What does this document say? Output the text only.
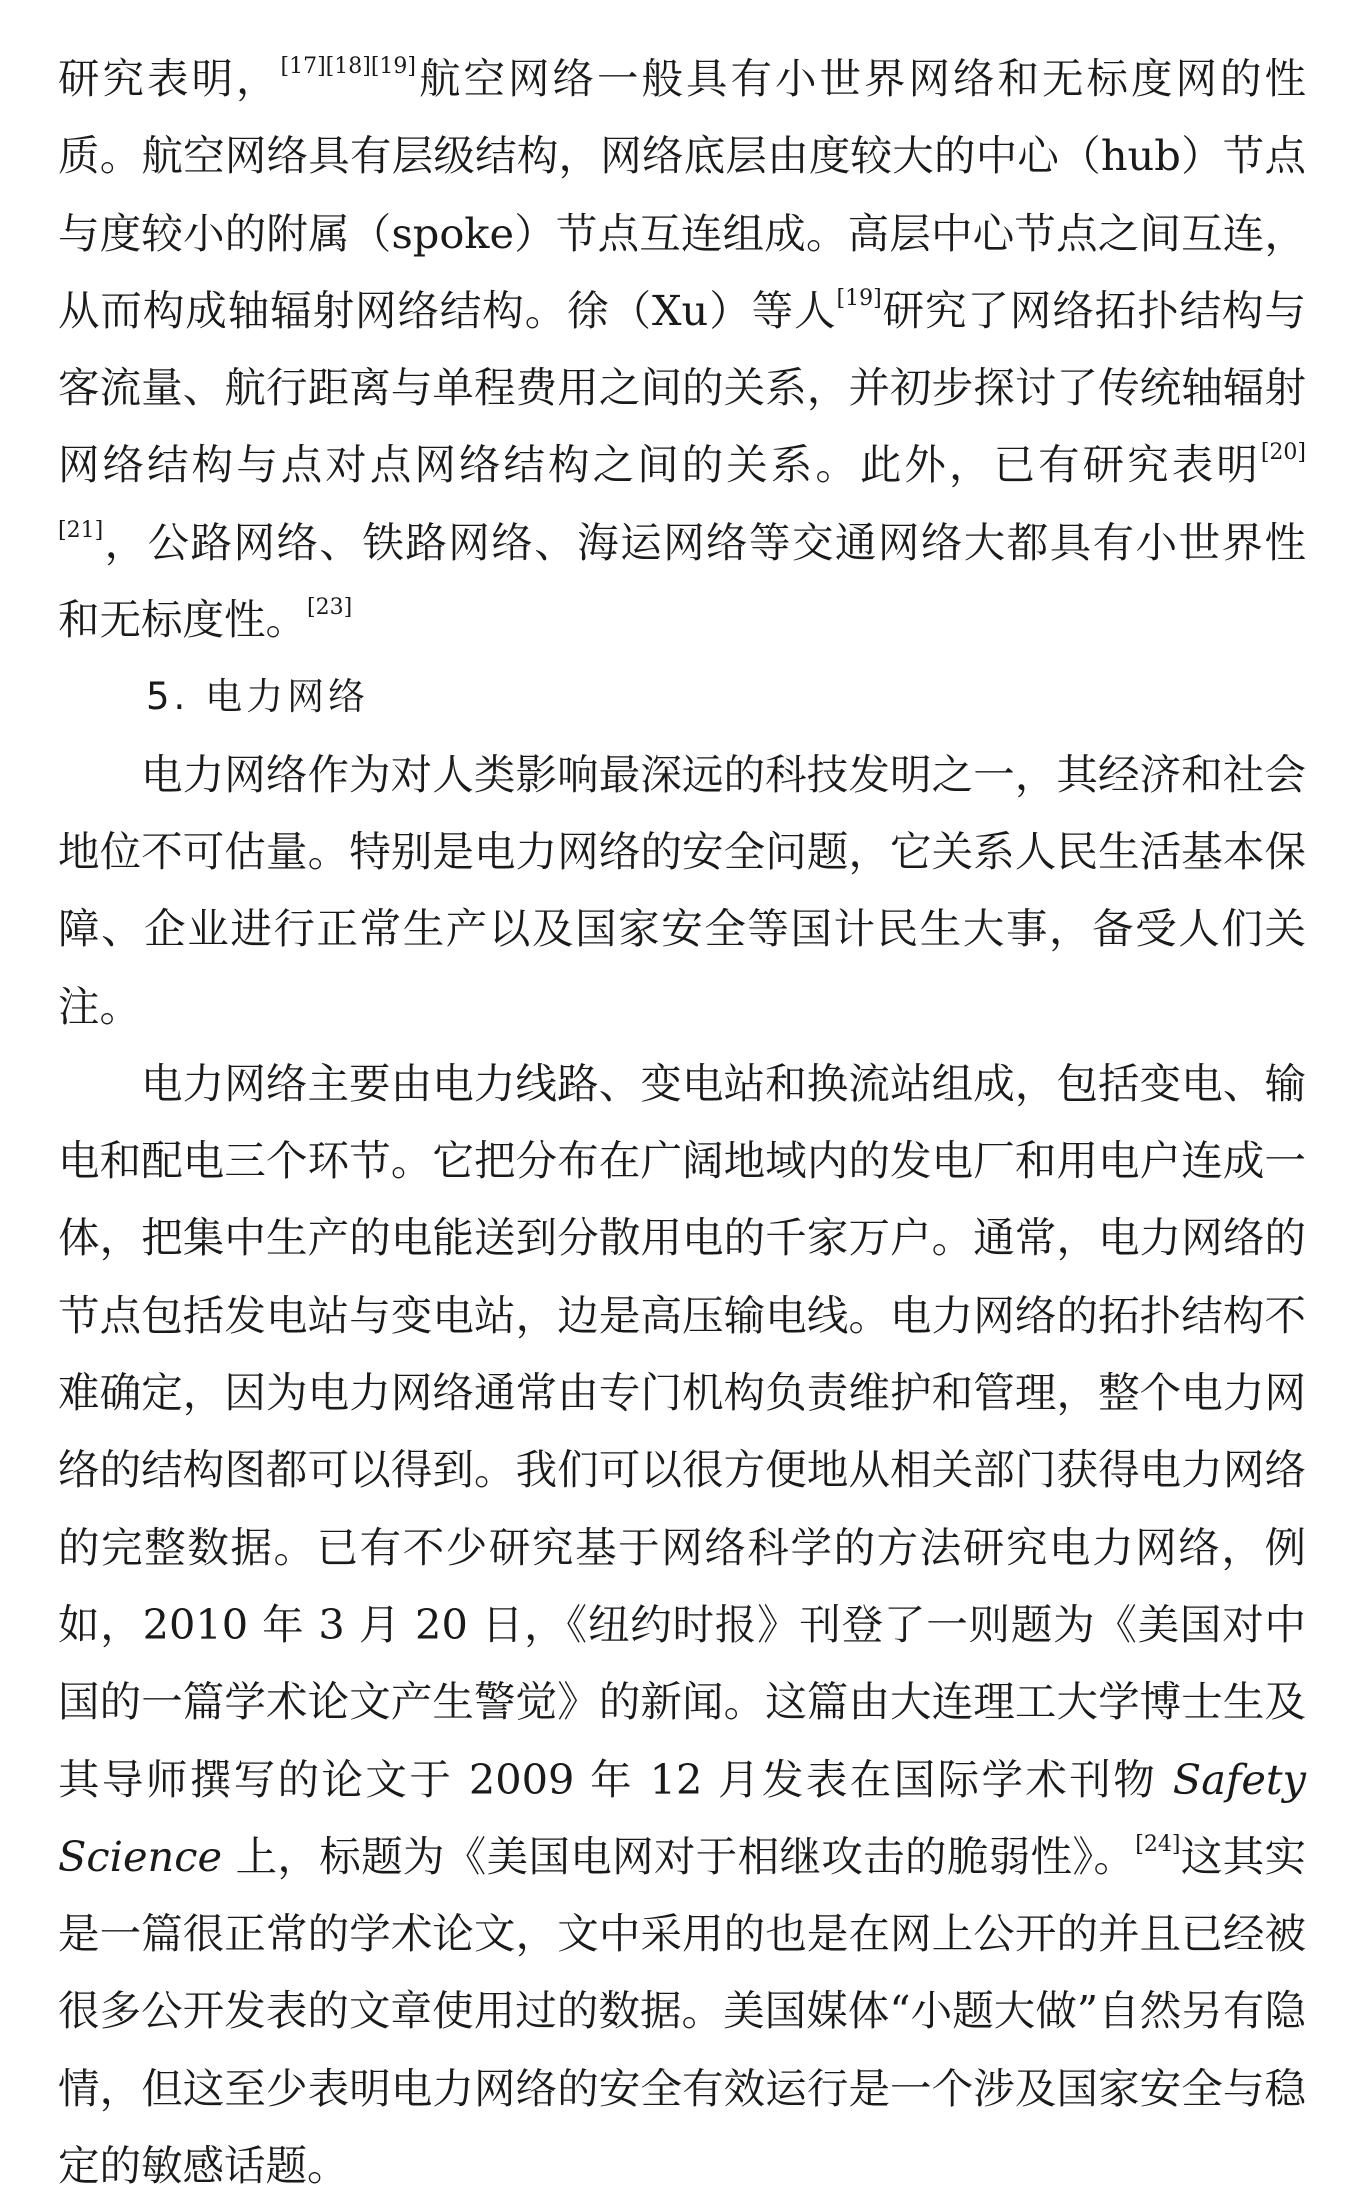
研究表明，[17][18][19]航空网络一般具有小世界网络和无标度网的性质。航空网络具有层级结构，网络底层由度较大的中心（hub）节点与度较小的附属（spoke）节点互连组成。高层中心节点之间互连，从而构成轴辐射网络结构。徐（Xu）等人[19]研究了网络拓扑结构与客流量、航行距离与单程费用之间的关系，并初步探讨了传统轴辐射网络结构与点对点网络结构之间的关系。此外，已有研究表明[20][21]，公路网络、铁路网络、海运网络等交通网络大都具有小世界性和无标度性。[23]

5. 电力网络

电力网络作为对人类影响最深远的科技发明之一，其经济和社会地位不可估量。特别是电力网络的安全问题，它关系人民生活基本保障、企业进行正常生产以及国家安全等国计民生大事，备受人们关注。

电力网络主要由电力线路、变电站和换流站组成，包括变电、输电和配电三个环节。它把分布在广阔地域内的发电厂和用电户连成一体，把集中生产的电能送到分散用电的千家万户。通常，电力网络的节点包括发电站与变电站，边是高压输电线。电力网络的拓扑结构不难确定，因为电力网络通常由专门机构负责维护和管理，整个电力网络的结构图都可以得到。我们可以很方便地从相关部门获得电力网络的完整数据。已有不少研究基于网络科学的方法研究电力网络，例如，2010 年 3 月 20 日，《纽约时报》刊登了一则题为《美国对中国的一篇学术论文产生警觉》的新闻。这篇由大连理工大学博士生及其导师撰写的论文于 2009 年 12 月发表在国际学术刊物 Safety Science 上，标题为《美国电网对于相继攻击的脆弱性》。[24]这其实是一篇很正常的学术论文，文中采用的也是在网上公开的并且已经被很多公开发表的文章使用过的数据。美国媒体“小题大做”自然另有隐情，但这至少表明电力网络的安全有效运行是一个涉及国家安全与稳定的敏感话题。
